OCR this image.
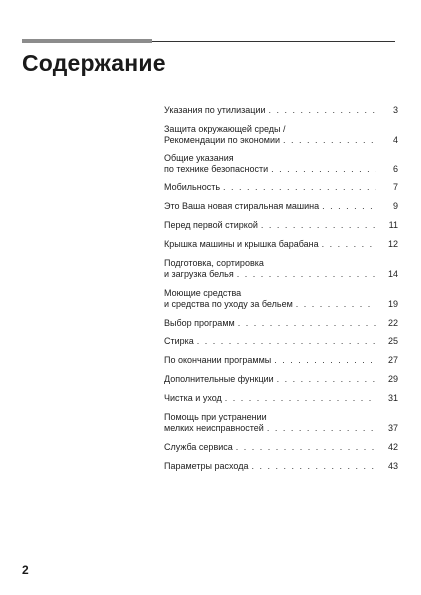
Содержание
Указания по утилизации . . .	3
Защита окружающей среды /
Рекомендации по экономии . . .	4
Общие указания
по технике безопасности . . .	6
Мобильность . . .	7
Это Ваша новая стиральная машина . . .	9
Перед первой стиркой . . .	11
Крышка машины и крышка барабана . . .	12
Подготовка, сортировка
и загрузка белья . . .	14
Моющие средства
и средства по уходу за бельем . . .	19
Выбор программ . . .	22
Стирка . . .	25
По окончании программы . . .	27
Дополнительные функции . . .	29
Чистка и уход . . .	31
Помощь при устранении
мелких неисправностей . . .	37
Служба сервиса . . .	42
Параметры расхода . . .	43
2
